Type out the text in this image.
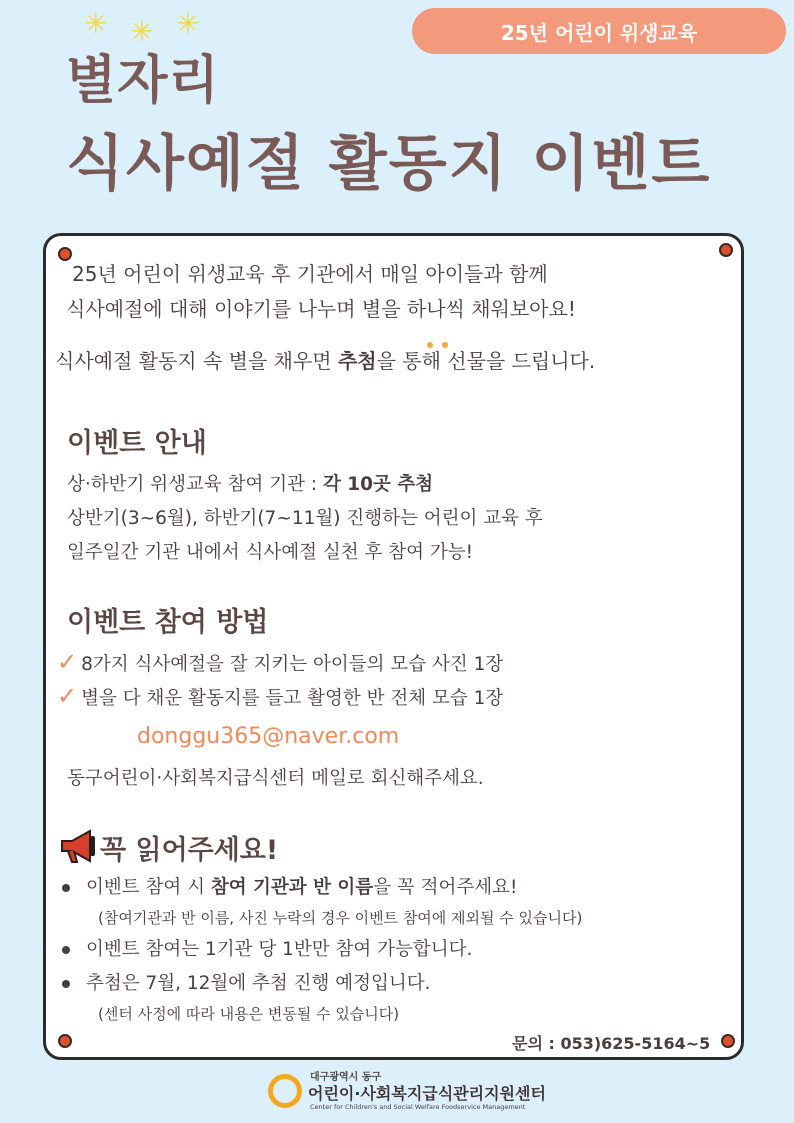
✳ ✳ ✳	25년 어린이 위생교육
별자리
식사예절 활동지 이벤트
25년 어린이 위생교육 후 기관에서 매일 아이들과 함께
식사예절에 대해 이야기를 나누며 별을 하나씩 채워보아요!
식사예절 활동지 속 별을 채우면 추첨을 통해 선물을 드립니다.
이벤트 안내
상·하반기 위생교육 참여 기관 : 각 10곳 추첨
상반기(3~6월), 하반기(7~11월) 진행하는 어린이 교육 후
일주일간 기관 내에서 식사예절 실천 후 참여 가능!
이벤트 참여 방법
✓ 8가지 식사예절을 잘 지키는 아이들의 모습 사진 1장
✓ 별을 다 채운 활동지를 들고 촬영한 반 전체 모습 1장
donggu365@naver.com
동구어린이·사회복지급식센터 메일로 회신해주세요.
꼭 읽어주세요!
이벤트 참여 시 참여 기관과 반 이름을 꼭 적어주세요!
(참여기관과 반 이름, 사진 누락의 경우 이벤트 참여에 제외될 수 있습니다)
이벤트 참여는 1기관 당 1반만 참여 가능합니다.
추첨은 7월, 12월에 추첨 진행 예정입니다.
(센터 사정에 따라 내용은 변동될 수 있습니다)
문의 : 053)625-5164~5
대구광역시 동구
어린이·사회복지급식관리지원센터
Center for Children's and Social Welfare Foodservice Management
